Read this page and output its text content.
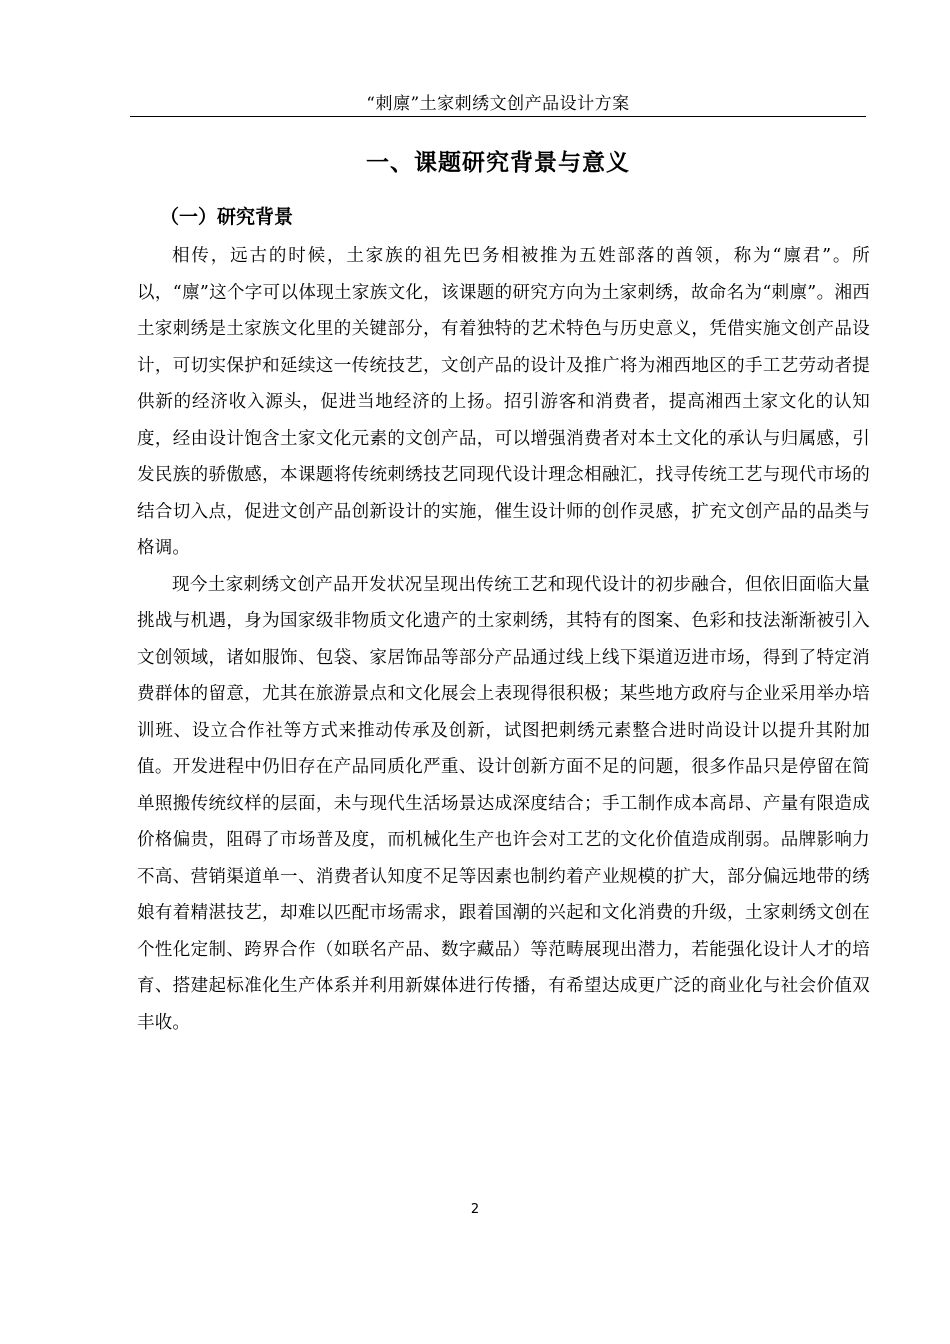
“刺廪”土家刺绣文创产品设计方案
一、课题研究背景与意义
（一）研究背景

相传，远古的时候，土家族的祖先巴务相被推为五姓部落的酋领，称为“廪君”。所以，“廪”这个字可以体现土家族文化，该课题的研究方向为土家刺绣，故命名为“刺廪”。湘西土家刺绣是土家族文化里的关键部分，有着独特的艺术特色与历史意义，凭借实施文创产品设计，可切实保护和延续这一传统技艺，文创产品的设计及推广将为湘西地区的手工艺劳动者提供新的经济收入源头，促进当地经济的上扬。招引游客和消费者，提高湘西土家文化的认知度，经由设计饱含土家文化元素的文创产品，可以增强消费者对本土文化的承认与归属感，引发民族的骄傲感，本课题将传统刺绣技艺同现代设计理念相融汇，找寻传统工艺与现代市场的结合切入点，促进文创产品创新设计的实施，催生设计师的创作灵感，扩充文创产品的品类与格调。

现今土家刺绣文创产品开发状况呈现出传统工艺和现代设计的初步融合，但依旧面临大量挑战与机遇，身为国家级非物质文化遗产的土家刺绣，其特有的图案、色彩和技法渐渐被引入文创领域，诸如服饰、包袋、家居饰品等部分产品通过线上线下渠道迈进市场，得到了特定消费群体的留意，尤其在旅游景点和文化展会上表现得很积极；某些地方政府与企业采用举办培训班、设立合作社等方式来推动传承及创新，试图把刺绣元素整合进时尚设计以提升其附加值。开发进程中仍旧存在产品同质化严重、设计创新方面不足的问题，很多作品只是停留在简单照搬传统纹样的层面，未与现代生活场景达成深度结合；手工制作成本高昂、产量有限造成价格偏贵，阻碍了市场普及度，而机械化生产也许会对工艺的文化价值造成削弱。品牌影响力不高、营销渠道单一、消费者认知度不足等因素也制约着产业规模的扩大，部分偏远地带的绣娘有着精湛技艺，却难以匹配市场需求，跟着国潮的兴起和文化消费的升级，土家刺绣文创在个性化定制、跨界合作（如联名产品、数字藏品）等范畴展现出潜力，若能强化设计人才的培育、搭建起标准化生产体系并利用新媒体进行传播，有希望达成更广泛的商业化与社会价值双丰收。

2
